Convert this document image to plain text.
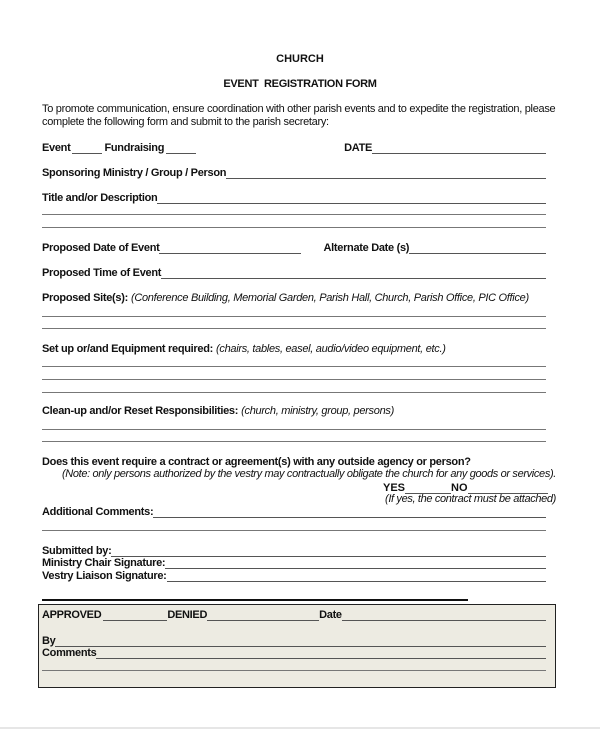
CHURCH
EVENT  REGISTRATION FORM
To promote communication, ensure coordination with other parish events and to expedite the registration, please
complete the following form and submit to the parish secretary:
Event	Fundraising	DATE
Sponsoring Ministry / Group / Person
Title and/or Description
Proposed Date of Event	Alternate Date (s)
Proposed Time of Event
Proposed Site(s): (Conference Building, Memorial Garden, Parish Hall, Church, Parish Office, PIC Office)
Set up or/and Equipment required: (chairs, tables, easel, audio/video equipment, etc.)
Clean-up and/or Reset Responsibilities: (church, ministry, group, persons)
Does this event require a contract or agreement(s) with any outside agency or person?
(Note: only persons authorized by the vestry may contractually obligate the church for any goods or services).
YES	NO
(If yes, the contract must be attached)
Additional Comments:
Submitted by:
Ministry Chair Signature:
Vestry Liaison Signature:
APPROVED	DENIED	Date
By
Comments
